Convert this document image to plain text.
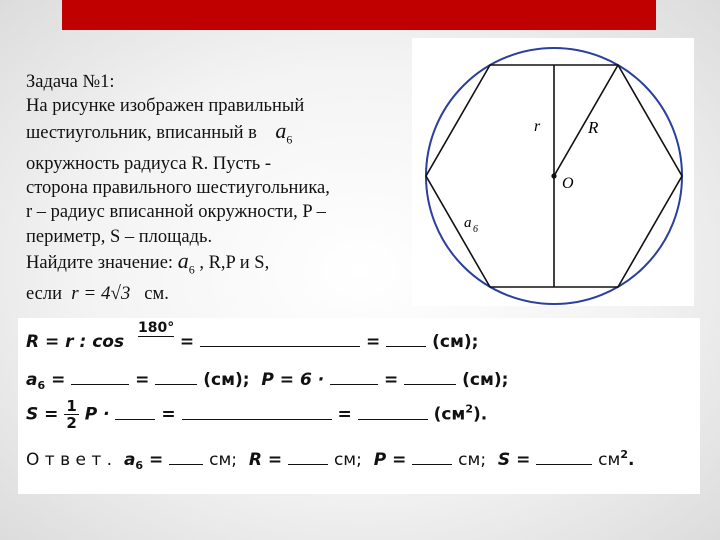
Задача №1:
На рисунке изображен правильный
шестиугольник, вписанный в $a_6$
окружность радиуса R. Пусть -
сторона правильного шестиугольника,
r – радиус вписанной окружности, P –
периметр, S – площадь.
Найдите значение: $a_6$ , R,P и S,
если r = 4√3 см.
r	R
O
a 6
R = r : cos
180°

=	=	(см);
$a_6$ =	=	(см); P = 6 ·	=	(см);
$S = \frac{1}{2}$ P ·	=	=	$(см^2)$.
О т в е т . $a_6$ =	см; R =	см; P =	см; S =	$см^2$.
